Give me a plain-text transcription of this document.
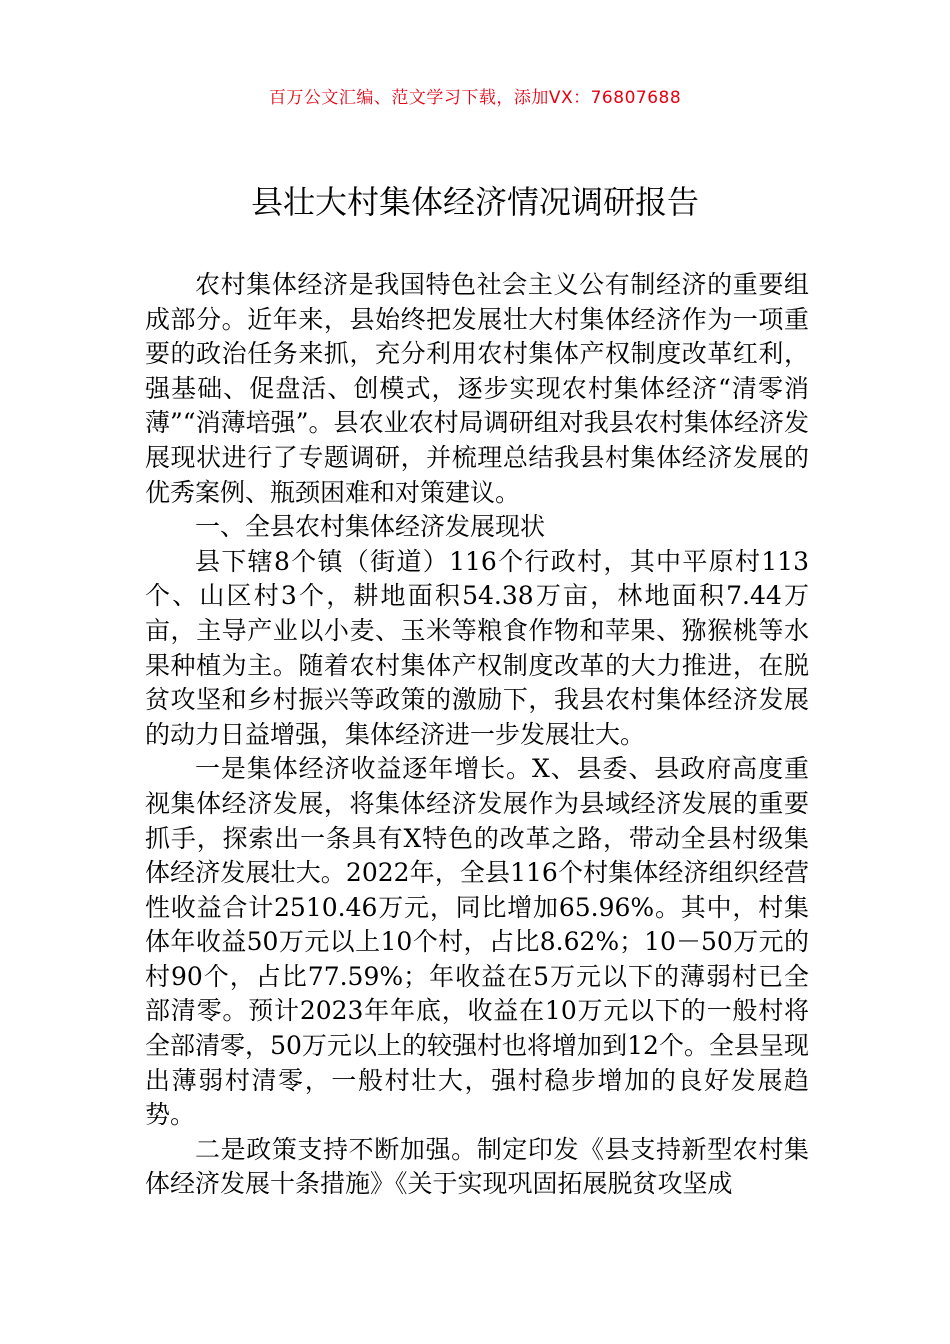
百万公文汇编、范文学习下载，添加VX：76807688
县壮大村集体经济情况调研报告

农村集体经济是我国特色社会主义公有制经济的重要组成部分。近年来，县始终把发展壮大村集体经济作为一项重要的政治任务来抓，充分利用农村集体产权制度改革红利，强基础、促盘活、创模式，逐步实现农村集体经济“清零消薄”“消薄培强”。县农业农村局调研组对我县农村集体经济发展现状进行了专题调研，并梳理总结我县村集体经济发展的优秀案例、瓶颈困难和对策建议。

一、全县农村集体经济发展现状

县下辖8个镇（街道）116个行政村，其中平原村113个、山区村3个，耕地面积54.38万亩，林地面积7.44万亩，主导产业以小麦、玉米等粮食作物和苹果、猕猴桃等水果种植为主。随着农村集体产权制度改革的大力推进，在脱贫攻坚和乡村振兴等政策的激励下，我县农村集体经济发展的动力日益增强，集体经济进一步发展壮大。

一是集体经济收益逐年增长。X、县委、县政府高度重视集体经济发展，将集体经济发展作为县域经济发展的重要抓手，探索出一条具有X特色的改革之路，带动全县村级集体经济发展壮大。2022年，全县116个村集体经济组织经营性收益合计2510.46万元，同比增加65.96%。其中，村集体年收益50万元以上10个村，占比8.62%；10－50万元的村90个，占比77.59%；年收益在5万元以下的薄弱村已全部清零。预计2023年年底，收益在10万元以下的一般村将全部清零，50万元以上的较强村也将增加到12个。全县呈现出薄弱村清零，一般村壮大，强村稳步增加的良好发展趋势。

二是政策支持不断加强。制定印发《县支持新型农村集体经济发展十条措施》《关于实现巩固拓展脱贫攻坚成
